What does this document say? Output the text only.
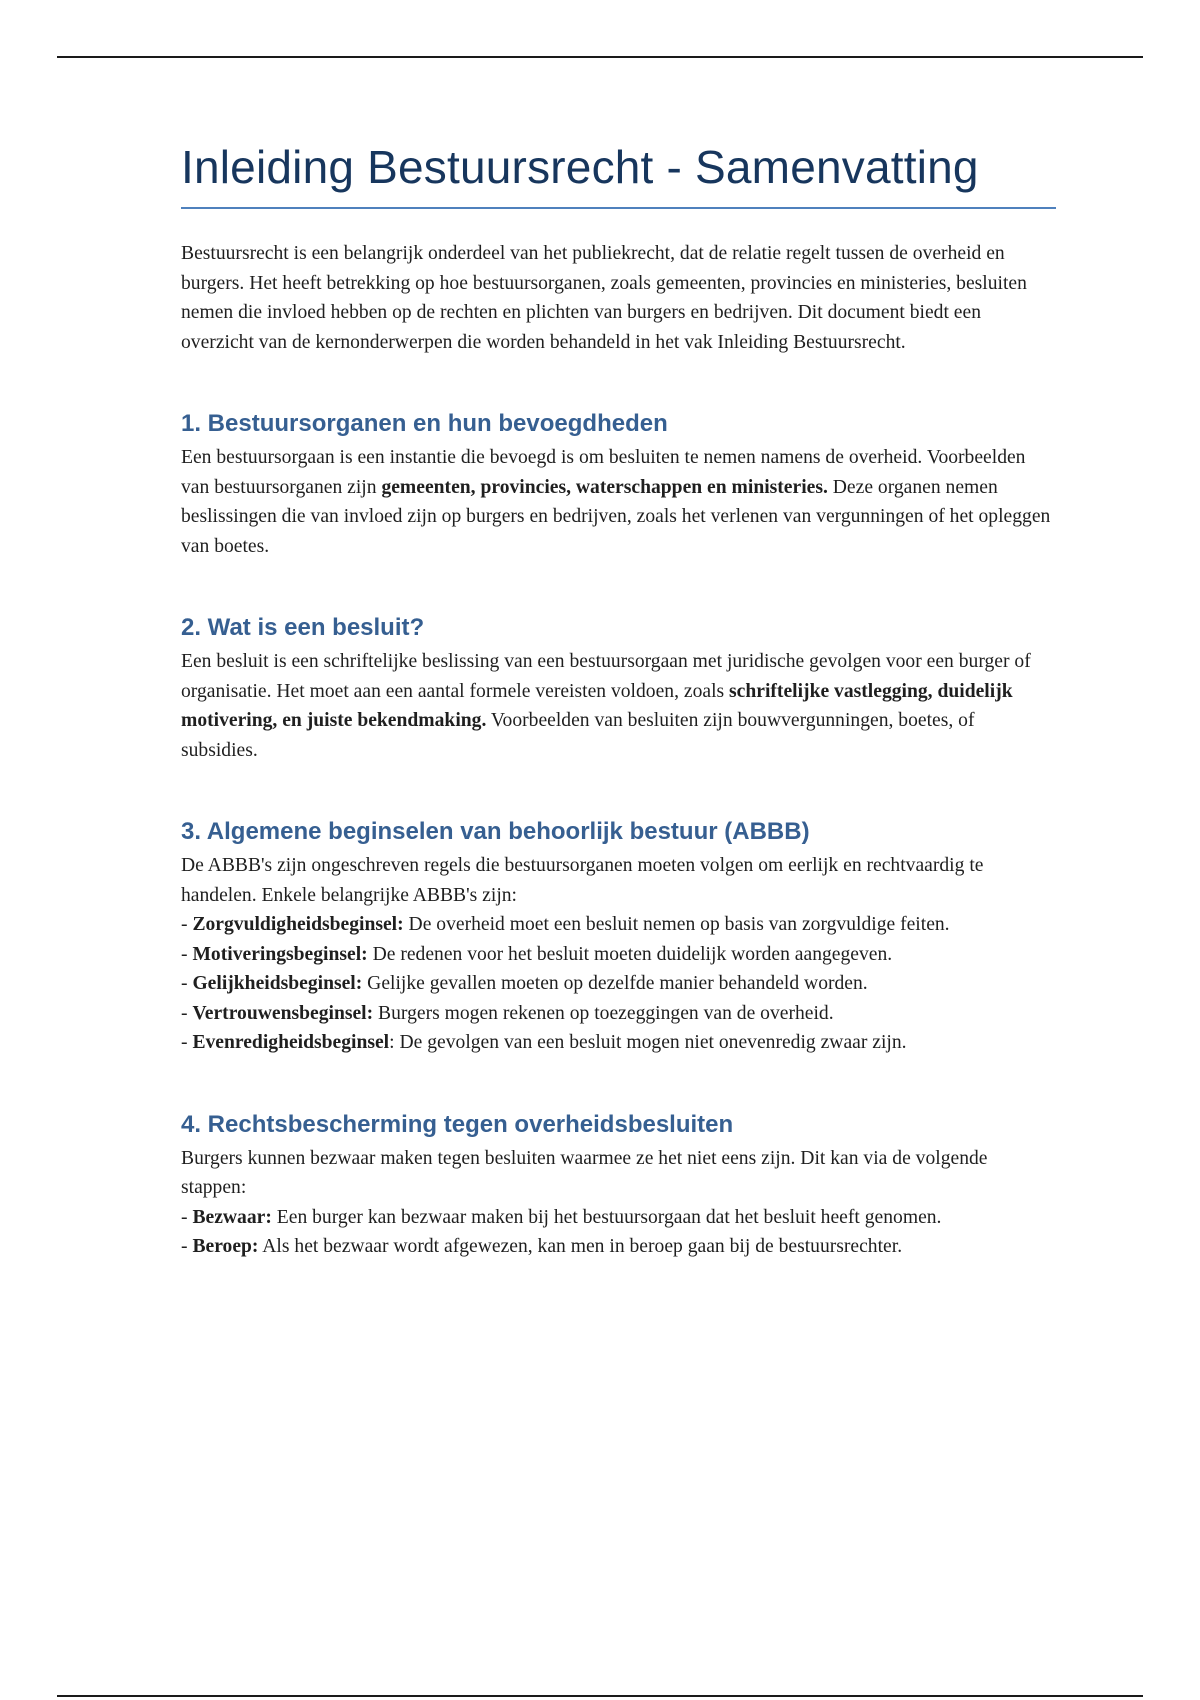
Inleiding Bestuursrecht - Samenvatting

Bestuursrecht is een belangrijk onderdeel van het publiekrecht, dat de relatie regelt tussen de overheid en burgers. Het heeft betrekking op hoe bestuursorganen, zoals gemeenten, provincies en ministeries, besluiten nemen die invloed hebben op de rechten en plichten van burgers en bedrijven. Dit document biedt een overzicht van de kernonderwerpen die worden behandeld in het vak Inleiding Bestuursrecht.

1. Bestuursorganen en hun bevoegdheden

Een bestuursorgaan is een instantie die bevoegd is om besluiten te nemen namens de overheid. Voorbeelden van bestuursorganen zijn gemeenten, provincies, waterschappen en ministeries. Deze organen nemen beslissingen die van invloed zijn op burgers en bedrijven, zoals het verlenen van vergunningen of het opleggen van boetes.

2. Wat is een besluit?

Een besluit is een schriftelijke beslissing van een bestuursorgaan met juridische gevolgen voor een burger of organisatie. Het moet aan een aantal formele vereisten voldoen, zoals schriftelijke vastlegging, duidelijk motivering, en juiste bekendmaking. Voorbeelden van besluiten zijn bouwvergunningen, boetes, of subsidies.

3. Algemene beginselen van behoorlijk bestuur (ABBB)

De ABBB's zijn ongeschreven regels die bestuursorganen moeten volgen om eerlijk en rechtvaardig te handelen. Enkele belangrijke ABBB's zijn:
- Zorgvuldigheidsbeginsel: De overheid moet een besluit nemen op basis van zorgvuldige feiten.
- Motiveringsbeginsel: De redenen voor het besluit moeten duidelijk worden aangegeven.
- Gelijkheidsbeginsel: Gelijke gevallen moeten op dezelfde manier behandeld worden.
- Vertrouwensbeginsel: Burgers mogen rekenen op toezeggingen van de overheid.
- Evenredigheidsbeginsel: De gevolgen van een besluit mogen niet onevenredig zwaar zijn.

4. Rechtsbescherming tegen overheidsbesluiten

Burgers kunnen bezwaar maken tegen besluiten waarmee ze het niet eens zijn. Dit kan via de volgende stappen:
- Bezwaar: Een burger kan bezwaar maken bij het bestuursorgaan dat het besluit heeft genomen.
- Beroep: Als het bezwaar wordt afgewezen, kan men in beroep gaan bij de bestuursrechter.
